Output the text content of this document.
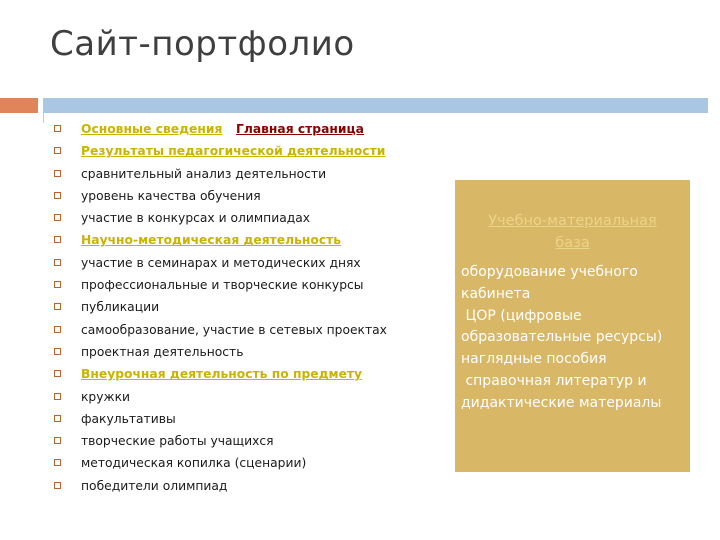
Сайт-портфолио
Основные сведения Главная страница
Результаты педагогической деятельности
сравнительный анализ деятельности
уровень качества обучения
участие в конкурсах и олимпиадах
Научно-методическая деятельность
участие в семинарах и методических днях
профессиональные и творческие конкурсы
публикации
самообразование, участие в сетевых проектах
проектная деятельность
Внеурочная деятельность по предмету
кружки
факультативы
творческие работы учащихся
методическая копилка (сценарии)
победители олимпиад
Учебно-материальная
база
оборудование учебного
кабинета
ЦОР (цифровые
образовательные ресурсы)
наглядные пособия
справочная литератур и
дидактические материалы
